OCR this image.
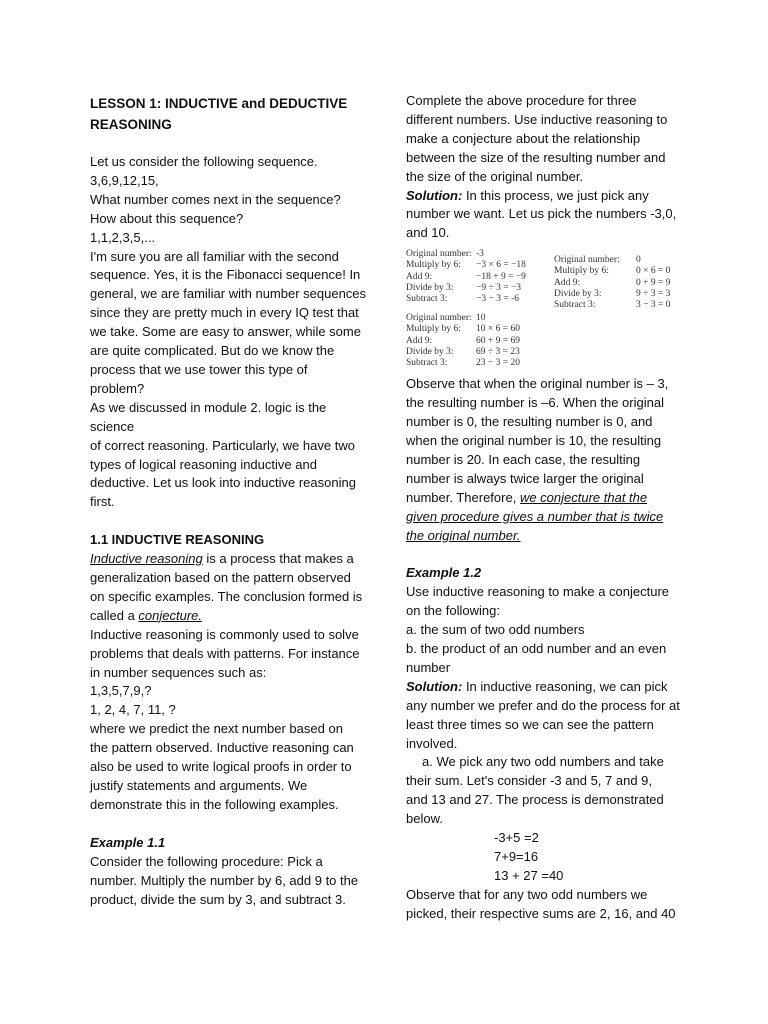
LESSON 1: INDUCTIVE and DEDUCTIVE
REASONING

Let us consider the following sequence.

3,6,9,12,15,

What number comes next in the sequence?

How about this sequence?

1,1,2,3,5,...

I'm sure you are all familiar with the second

sequence. Yes, it is the Fibonacci sequence! In

general, we are familiar with number sequences

since they are pretty much in every IQ test that

we take. Some are easy to answer, while some

are quite complicated. But do we know the

process that we use tower this type of

problem?

As we discussed in module 2. logic is the science

of correct reasoning. Particularly, we have two

types of logical reasoning inductive and

deductive. Let us look into inductive reasoning

first.

1.1 INDUCTIVE REASONING

Inductive reasoning is a process that makes a

generalization based on the pattern observed

on specific examples. The conclusion formed is

called a conjecture.

Inductive reasoning is commonly used to solve

problems that deals with patterns. For instance

in number sequences such as:

1,3,5,7,9,?

1, 2, 4, 7, 11, ?

where we predict the next number based on

the pattern observed. Inductive reasoning can

also be used to write logical proofs in order to

justify statements and arguments. We

demonstrate this in the following examples.

Example 1.1

Consider the following procedure: Pick a

number. Multiply the number by 6, add 9 to the

product, divide the sum by 3, and subtract 3.

Complete the above procedure for three

different numbers. Use inductive reasoning to

make a conjecture about the relationship

between the size of the resulting number and

the size of the original number.

Solution: In this process, we just pick any

number we want. Let us pick the numbers -3,0,

and 10.

Original number: -3
Multiply by 6:	−3 × 6 = −18
Add 9:	−18 + 9 = −9
Divide by 3:	−9 ÷ 3 = −3
Subtract 3:	−3 − 3 = -6
Original number:	0
Multiply by 6:	0 × 6 = 0
Add 9:	0 + 9 = 9
Divide by 3:	9 ÷ 3 = 3
Subtract 3:	3 − 3 = 0
Original number: 10
Multiply by 6:	10 × 6 = 60
Add 9:	60 + 9 = 69
Divide by 3:	69 ÷ 3 = 23
Subtract 3:	23 − 3 = 20

Observe that when the original number is – 3,

the resulting number is –6. When the original

number is 0, the resulting number is 0, and

when the original number is 10, the resulting

number is 20. In each case, the resulting

number is always twice larger the original

number. Therefore, we conjecture that the

given procedure gives a number that is twice

the original number.

Example 1.2

Use inductive reasoning to make a conjecture

on the following:

a. the sum of two odd numbers

b. the product of an odd number and an even

number

Solution: In inductive reasoning, we can pick

any number we prefer and do the process for at

least three times so we can see the pattern

involved.

a. We pick any two odd numbers and take

their sum. Let's consider -3 and 5, 7 and 9,

and 13 and 27. The process is demonstrated

below.

-3+5 =2

7+9=16

13 + 27 =40

Observe that for any two odd numbers we

picked, their respective sums are 2, 16, and 40
